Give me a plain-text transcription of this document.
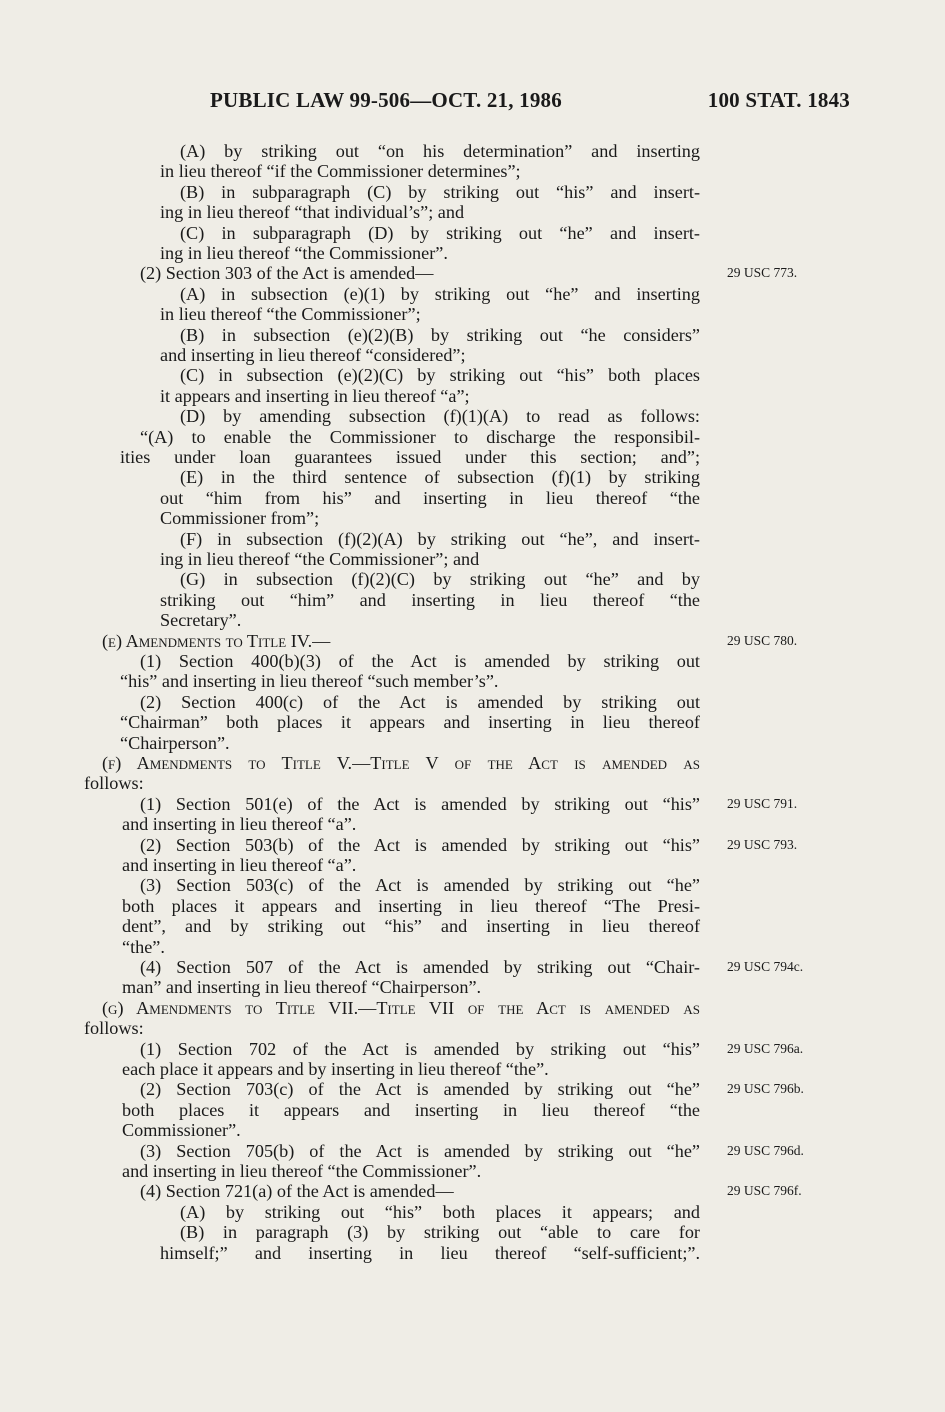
PUBLIC LAW 99-506—OCT. 21, 1986	100 STAT. 1843
(A) by striking out “on his determination” and inserting
in lieu thereof “if the Commissioner determines”;
(B) in subparagraph (C) by striking out “his” and insert-
ing in lieu thereof “that individual’s”; and
(C) in subparagraph (D) by striking out “he” and insert-
ing in lieu thereof “the Commissioner”.
(2) Section 303 of the Act is amended—
(A) in subsection (e)(1) by striking out “he” and inserting
in lieu thereof “the Commissioner”;
(B) in subsection (e)(2)(B) by striking out “he considers”
and inserting in lieu thereof “considered”;
(C) in subsection (e)(2)(C) by striking out “his” both places
it appears and inserting in lieu thereof “a”;
(D) by amending subsection (f)(1)(A) to read as follows:
“(A) to enable the Commissioner to discharge the responsibil-
ities under loan guarantees issued under this section; and”;
(E) in the third sentence of subsection (f)(1) by striking
out “him from his” and inserting in lieu thereof “the
Commissioner from”;
(F) in subsection (f)(2)(A) by striking out “he”, and insert-
ing in lieu thereof “the Commissioner”; and
(G) in subsection (f)(2)(C) by striking out “he” and by
striking out “him” and inserting in lieu thereof “the
Secretary”.
(e) Amendments to Title IV.—
(1) Section 400(b)(3) of the Act is amended by striking out
“his” and inserting in lieu thereof “such member’s”.
(2) Section 400(c) of the Act is amended by striking out
“Chairman” both places it appears and inserting in lieu thereof
“Chairperson”.
(f) Amendments to Title V.—Title V of the Act is amended as
follows:
(1) Section 501(e) of the Act is amended by striking out “his”
and inserting in lieu thereof “a”.
(2) Section 503(b) of the Act is amended by striking out “his”
and inserting in lieu thereof “a”.
(3) Section 503(c) of the Act is amended by striking out “he”
both places it appears and inserting in lieu thereof “The Presi-
dent”, and by striking out “his” and inserting in lieu thereof
“the”.
(4) Section 507 of the Act is amended by striking out “Chair-
man” and inserting in lieu thereof “Chairperson”.
(g) Amendments to Title VII.—Title VII of the Act is amended as
follows:
(1) Section 702 of the Act is amended by striking out “his”
each place it appears and by inserting in lieu thereof “the”.
(2) Section 703(c) of the Act is amended by striking out “he”
both places it appears and inserting in lieu thereof “the
Commissioner”.
(3) Section 705(b) of the Act is amended by striking out “he”
and inserting in lieu thereof “the Commissioner”.
(4) Section 721(a) of the Act is amended—
(A) by striking out “his” both places it appears; and
(B) in paragraph (3) by striking out “able to care for
himself;” and inserting in lieu thereof “self-sufficient;”.
29 USC 773.
29 USC 780.
29 USC 791.
29 USC 793.
29 USC 794c.
29 USC 796a.
29 USC 796b.
29 USC 796d.
29 USC 796f.
